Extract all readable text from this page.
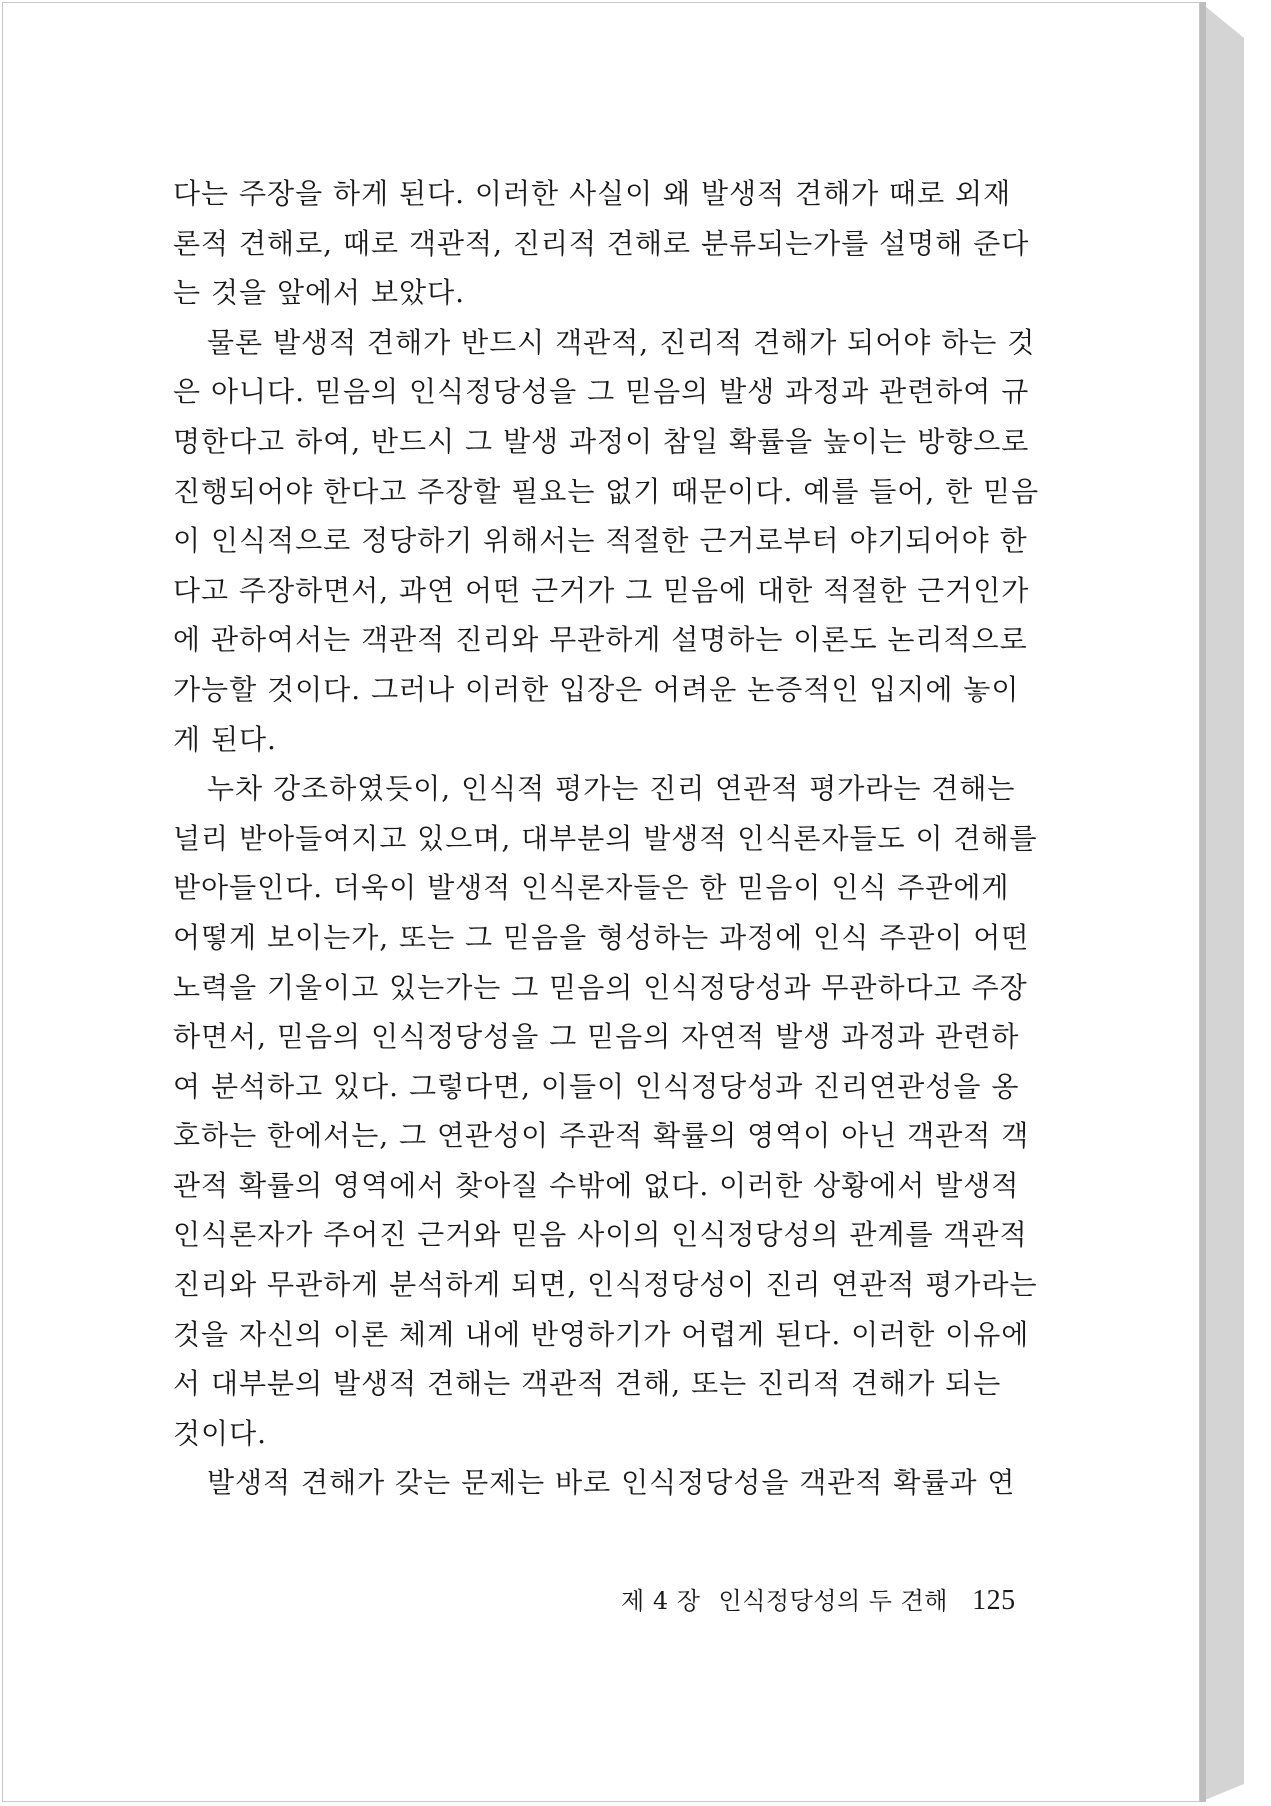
다는 주장을 하게 된다. 이러한 사실이 왜 발생적 견해가 때로 외재
론적 견해로, 때로 객관적, 진리적 견해로 분류되는가를 설명해 준다
는 것을 앞에서 보았다.
물론 발생적 견해가 반드시 객관적, 진리적 견해가 되어야 하는 것
은 아니다. 믿음의 인식정당성을 그 믿음의 발생 과정과 관련하여 규
명한다고 하여, 반드시 그 발생 과정이 참일 확률을 높이는 방향으로
진행되어야 한다고 주장할 필요는 없기 때문이다. 예를 들어, 한 믿음
이 인식적으로 정당하기 위해서는 적절한 근거로부터 야기되어야 한
다고 주장하면서, 과연 어떤 근거가 그 믿음에 대한 적절한 근거인가
에 관하여서는 객관적 진리와 무관하게 설명하는 이론도 논리적으로
가능할 것이다. 그러나 이러한 입장은 어려운 논증적인 입지에 놓이
게 된다.
누차 강조하였듯이, 인식적 평가는 진리 연관적 평가라는 견해는
널리 받아들여지고 있으며, 대부분의 발생적 인식론자들도 이 견해를
받아들인다. 더욱이 발생적 인식론자들은 한 믿음이 인식 주관에게
어떻게 보이는가, 또는 그 믿음을 형성하는 과정에 인식 주관이 어떤
노력을 기울이고 있는가는 그 믿음의 인식정당성과 무관하다고 주장
하면서, 믿음의 인식정당성을 그 믿음의 자연적 발생 과정과 관련하
여 분석하고 있다. 그렇다면, 이들이 인식정당성과 진리연관성을 옹
호하는 한에서는, 그 연관성이 주관적 확률의 영역이 아닌 객관적 객
관적 확률의 영역에서 찾아질 수밖에 없다. 이러한 상황에서 발생적
인식론자가 주어진 근거와 믿음 사이의 인식정당성의 관계를 객관적
진리와 무관하게 분석하게 되면, 인식정당성이 진리 연관적 평가라는
것을 자신의 이론 체계 내에 반영하기가 어렵게 된다. 이러한 이유에
서 대부분의 발생적 견해는 객관적 견해, 또는 진리적 견해가 되는
것이다.
발생적 견해가 갖는 문제는 바로 인식정당성을 객관적 확률과 연
제 4 장 인식정당성의 두 견해 125
